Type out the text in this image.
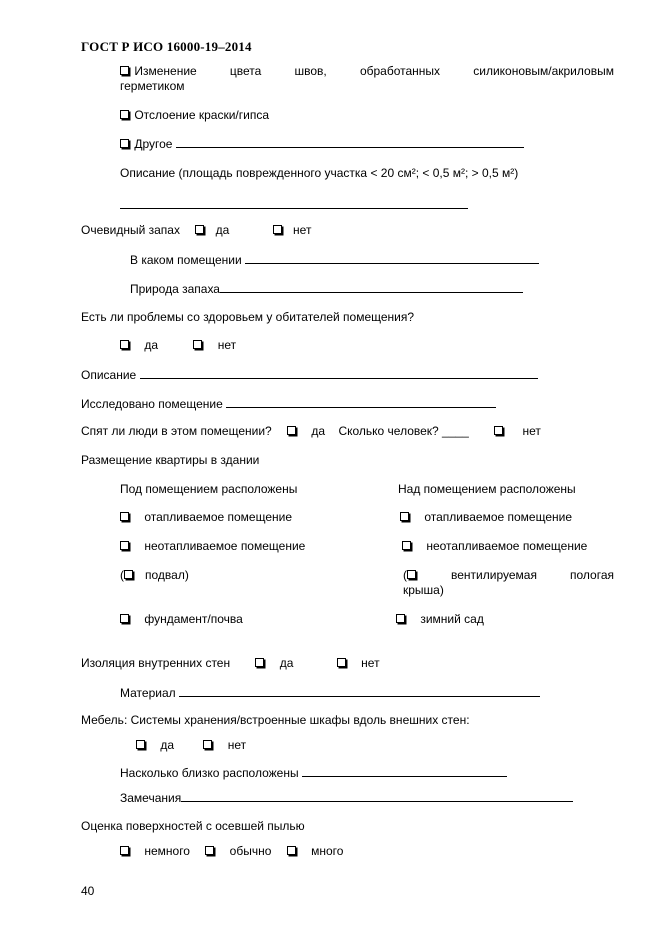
ГОСТ Р ИСО 16000-19–2014
Изменение	цвета	швов,	обработанных	силиконовым/акриловым
герметиком
Отслоение краски/гипса
Другое
Описание (площадь поврежденного участка < 20 см²; < 0,5 м²; > 0,5 м²)
Очевидный запах	да	нет
В каком помещении
Природа запаха
Есть ли проблемы со здоровьем у обитателей помещения?
да	нет
Описание
Исследовано помещение
Спят ли люди в этом помещении?	да Сколько человек? ____	нет
Размещение квартиры в здании
Под помещением расположены	Над помещением расположены
отапливаемое помещение	отапливаемое помещение
неотапливаемое помещение	неотапливаемое помещение
( подвал)	(	вентилируемая	пологая
крыша)
фундамент/почва	зимний сад
Изоляция внутренних стен	да	нет
Материал
Мебель: Системы хранения/встроенные шкафы вдоль внешних стен:
да	нет
Насколько близко расположены
Замечания
Оценка поверхностей с осевшей пылью
немного	обычно	много
40
